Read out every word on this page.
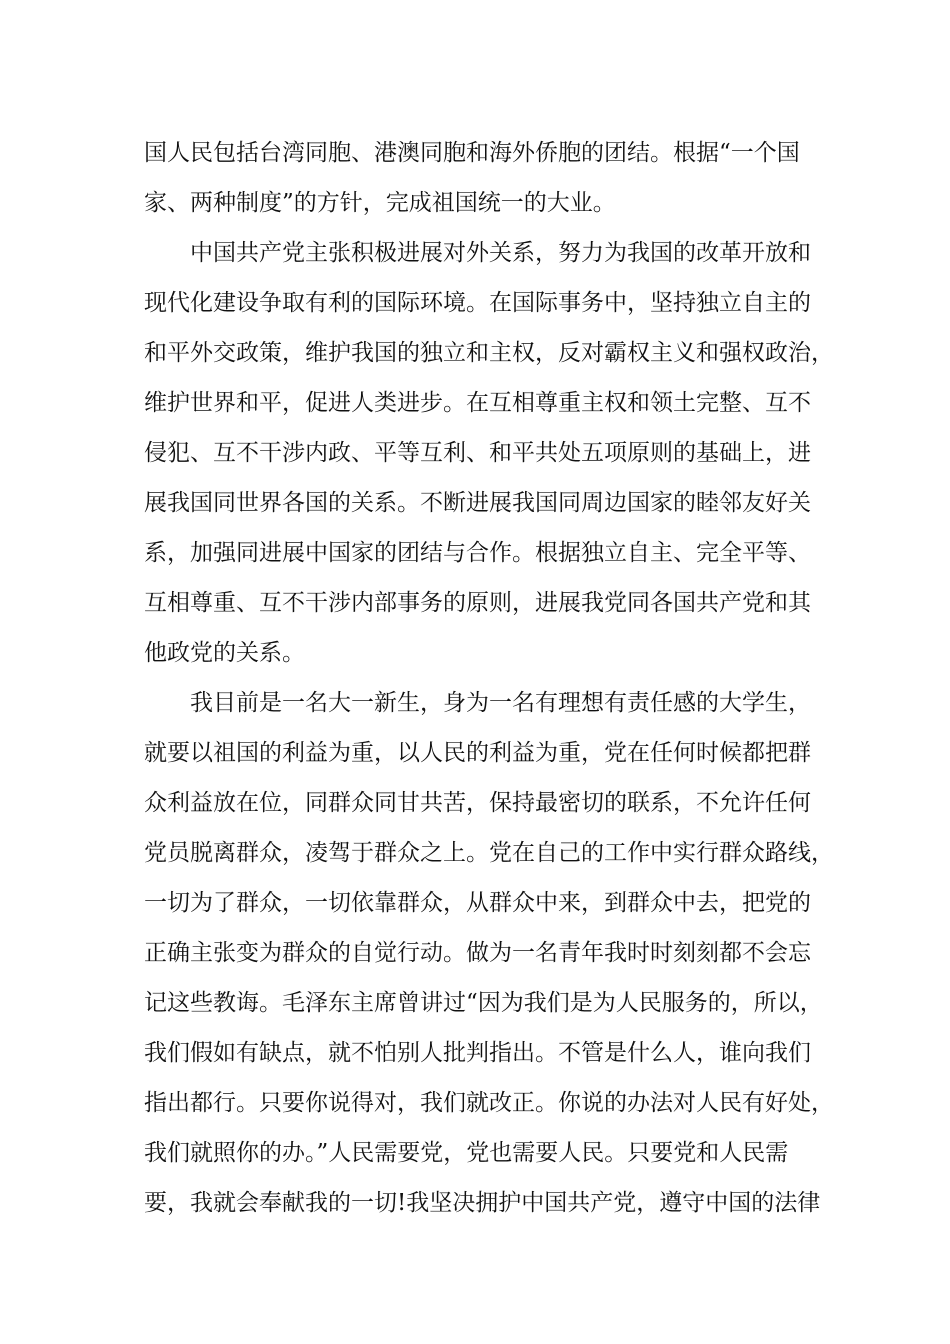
国人民包括台湾同胞、港澳同胞和海外侨胞的团结。根据“一个国
家、两种制度”的方针，完成祖国统一的大业。
中国共产党主张积极进展对外关系，努力为我国的改革开放和
现代化建设争取有利的国际环境。在国际事务中，坚持独立自主的
和平外交政策，维护我国的独立和主权，反对霸权主义和强权政治，
维护世界和平，促进人类进步。在互相尊重主权和领土完整、互不
侵犯、互不干涉内政、平等互利、和平共处五项原则的基础上，进
展我国同世界各国的关系。不断进展我国同周边国家的睦邻友好关
系，加强同进展中国家的团结与合作。根据独立自主、完全平等、
互相尊重、互不干涉内部事务的原则，进展我党同各国共产党和其
他政党的关系。
我目前是一名大一新生，身为一名有理想有责任感的大学生，
就要以祖国的利益为重，以人民的利益为重，党在任何时候都把群
众利益放在位，同群众同甘共苦，保持最密切的联系，不允许任何
党员脱离群众，凌驾于群众之上。党在自己的工作中实行群众路线，
一切为了群众，一切依靠群众，从群众中来，到群众中去，把党的
正确主张变为群众的自觉行动。做为一名青年我时时刻刻都不会忘
记这些教诲。毛泽东主席曾讲过“因为我们是为人民服务的，所以，
我们假如有缺点，就不怕别人批判指出。不管是什么人，谁向我们
指出都行。只要你说得对，我们就改正。你说的办法对人民有好处，
我们就照你的办。”人民需要党，党也需要人民。只要党和人民需
要，我就会奉献我的一切!我坚决拥护中国共产党，遵守中国的法律
